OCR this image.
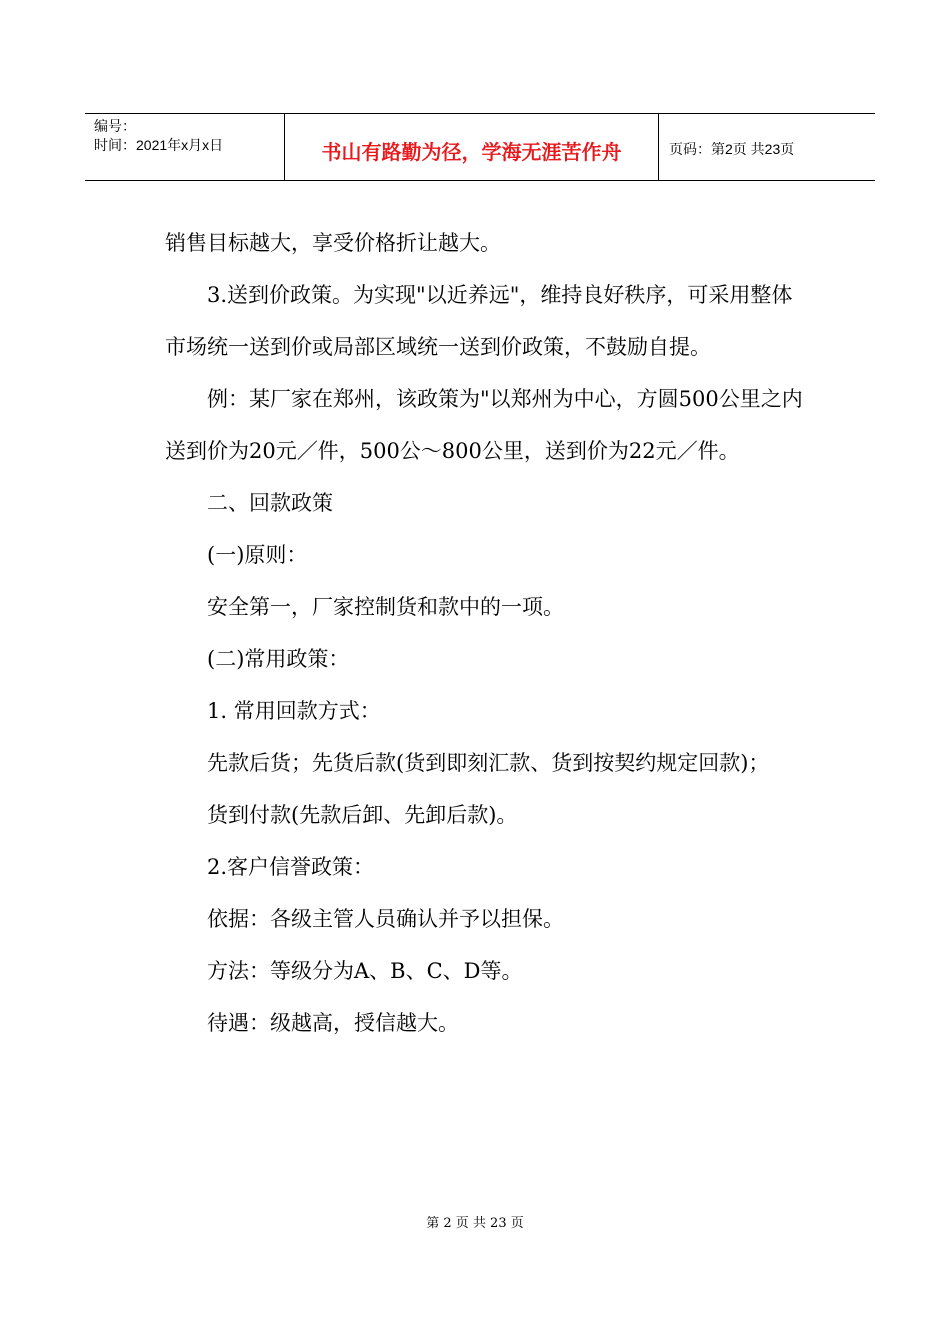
编号：
时间：2021年x月x日	书山有路勤为径，学海无涯苦作舟	页码：第2页 共23页

销售目标越大，享受价格折让越大。

3.送到价政策。为实现"以近养远"，维持良好秩序，可采用整体市场统一送到价或局部区域统一送到价政策，不鼓励自提。

例：某厂家在郑州，该政策为"以郑州为中心，方圆500公里之内送到价为20元／件，500公～800公里，送到价为22元／件。

二、回款政策

(一)原则：

安全第一，厂家控制货和款中的一项。

(二)常用政策：

1. 常用回款方式：

先款后货；先货后款(货到即刻汇款、货到按契约规定回款)；

货到付款(先款后卸、先卸后款)。

2.客户信誉政策：

依据：各级主管人员确认并予以担保。

方法：等级分为A、B、C、D等。

待遇：级越高，授信越大。

第 2 页 共 23 页
